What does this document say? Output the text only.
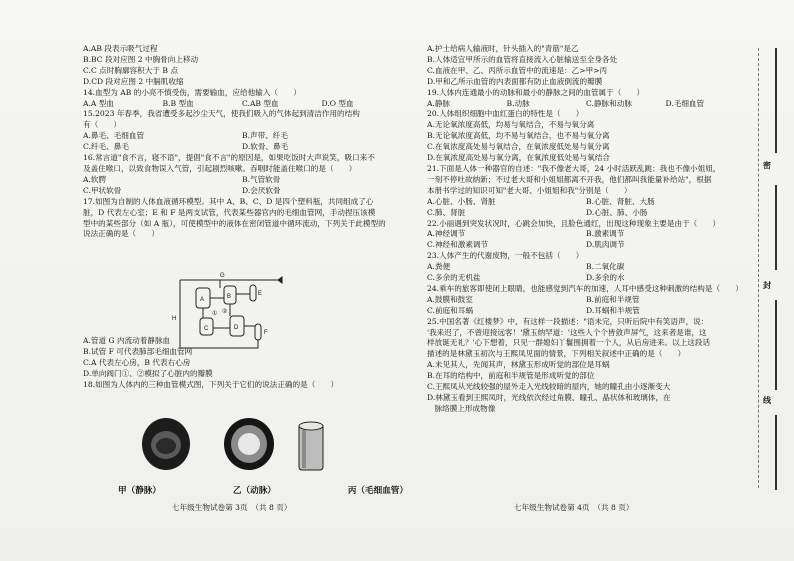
A.AB 段表示吸气过程
B.BC 段对应图 2 中胸骨向上移动
C.C 点时胸廓容积大于 B 点
D.CD 段对应图 2 中膈肌收缩
14.血型为 AB 的小亮不慎受伤，需要输血，应给他输入（　　）
A.A 型血	B.B 型血	C.AB 型血	D.O 型血
15.2023 年春季，我省遭受多起沙尘天气，使我们吸入的气体起到清洁作用的结构
有（　　）
A.鼻毛、毛细血管	B.声带、纤毛
C.纤毛、鼻毛	D.软骨、鼻毛
16.常言道"食不言，寝不语"，提倡"食不言"的原因是，如果吃饭时大声说笑，吸口来不
及盖住喉口，以致食物误入气管，引起剧烈咳嗽。吞咽时能盖住喉口的是（　　）
A.软腭	B.气管软骨
C.甲状软骨	D.会厌软骨
17.如图为自制的人体血液循环模型。其中 A、B、C、D 是四个塑料瓶，共同组成了心
脏，D 代表左心室；E 和 F 是两支试管，代表某些器官内的毛细血管网，手动捏压该模
型中的某些部分（如 A 瓶），可使模型中的液体在密闭管道中循环流动，下列关于此模型的
说法正确的是（　　）
A.管道 G 内流动着静脉血
B.试管 F 可代表肺部毛细血管网
C.A 代表左心房，B 代表右心房
D.单向阀门①、②模拟了心脏内的瓣膜
18.如图为人体内的三种血管模式图，下列关于它们的说法正确的是（　　）
A	B
C	D
E
F
G
H
① ②
甲（静脉）	乙（动脉）	丙（毛细血管）
七年级生物试卷第 3页　（共 8 页）
A.护士给病人输液时，针头插入的"青筋"是乙
B.人体适宜甲所示的血管将直接流入心脏输送至全身各处
C.血液在甲、乙、丙所示血管中的流速是：乙>甲>丙
D.甲和乙所示血管的内表面都有防止血液倒流的瓣膜
19.人体内连通最小的动脉和最小的静脉之间的血管属于（　　）
A.静脉	B.动脉	C.静脉和动脉	D.毛细血管
20.人体组织细胞中血红蛋白的特性是（　　）
A.无论氧浓度高低，均易与氧结合，不易与氧分离
B.无论氧浓度高低，均不易与氧结合，也不易与氧分离
C.在氧浓度高处易与氧结合，在氧浓度低处易与氧分离
D.在氧浓度高处易与氧分离，在氧浓度低处易与氧结合
21.下面是人体一种器官的自述："我不像老大哥，24 小时活跃乱跳；我也不像小姐姐，
一刻不停吐故纳新；不过老大哥和小姐姐都离不开我，他们都叫我能量补给站"，根据
本册书学过的知识可知"老大哥、小姐姐和我"分别是（　　）
A.心脏、小肠、肾脏	B.心脏、肾脏、大肠
C.肺、肾脏	D.心脏、肺、小肠
22.小丽遇到突发状况时，心跳会加快，且脸色通红，出现这种现象主要是由于（　　）
A.神经调节	B.激素调节
C.神经和激素调节	D.肌肉调节
23.人体产生的代谢废物，一般不包括（　　）
A.粪便	B.二氧化碳
C.多余的无机盐	D.多余的水
24.乘车的旅客即使闭上眼睛，也能感觉到汽车的加速，人耳中感受这种刺激的结构是（　　）
A.鼓膜和鼓室	B.前庭和半规管
C.前庭和耳蜗	D.耳蜗和半规管
25.中国名著《红楼梦》中，有这样一段描述："语未完，只听后院中有笑语声，说：
'我来迟了，不曾迎接远客！'黛玉纳罕道：'这些人个个皆敛声屏气，这来者是谁，这
样放诞无礼？'心下想着，只见一群媳妇丫鬟围拥着一个人，从后房进来。以上这段话
描述的是林黛玉初次与王熙凤见面的情景，下列相关叙述中正确的是（　　）
A.未见其人，先闻其声，林黛玉形成听觉的部位是耳蜗
B.在耳的结构中，前庭和半规管是形成听觉的部位
C.王熙凤从光线较强的屋外走入光线较暗的屋内，她的瞳孔由小逐渐变大
D.林黛玉看到王熙凤时，光线依次经过角膜、瞳孔、晶状体和玻璃体，在
　脉络膜上形成物像
七年级生物试卷第 4页　（共 8 页）
密
封
线
